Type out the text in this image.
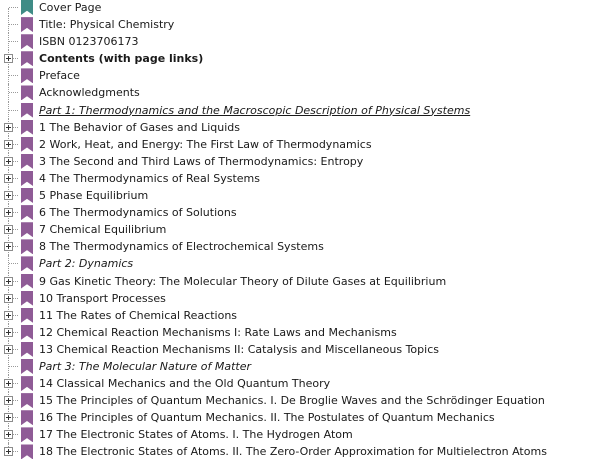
Cover Page
Title: Physical Chemistry
ISBN 0123706173
Contents (with page links)
Preface
Acknowledgments
Part 1: Thermodynamics and the Macroscopic Description of Physical Systems
1 The Behavior of Gases and Liquids
2 Work, Heat, and Energy: The First Law of Thermodynamics
3 The Second and Third Laws of Thermodynamics: Entropy
4 The Thermodynamics of Real Systems
5 Phase Equilibrium
6 The Thermodynamics of Solutions
7 Chemical Equilibrium
8 The Thermodynamics of Electrochemical Systems
Part 2: Dynamics
9 Gas Kinetic Theory: The Molecular Theory of Dilute Gases at Equilibrium
10 Transport Processes
11 The Rates of Chemical Reactions
12 Chemical Reaction Mechanisms I: Rate Laws and Mechanisms
13 Chemical Reaction Mechanisms II: Catalysis and Miscellaneous Topics
Part 3: The Molecular Nature of Matter
14 Classical Mechanics and the Old Quantum Theory
15 The Principles of Quantum Mechanics. I. De Broglie Waves and the Schrödinger Equation
16 The Principles of Quantum Mechanics. II. The Postulates of Quantum Mechanics
17 The Electronic States of Atoms. I. The Hydrogen Atom
18 The Electronic States of Atoms. II. The Zero-Order Approximation for Multielectron Atoms
